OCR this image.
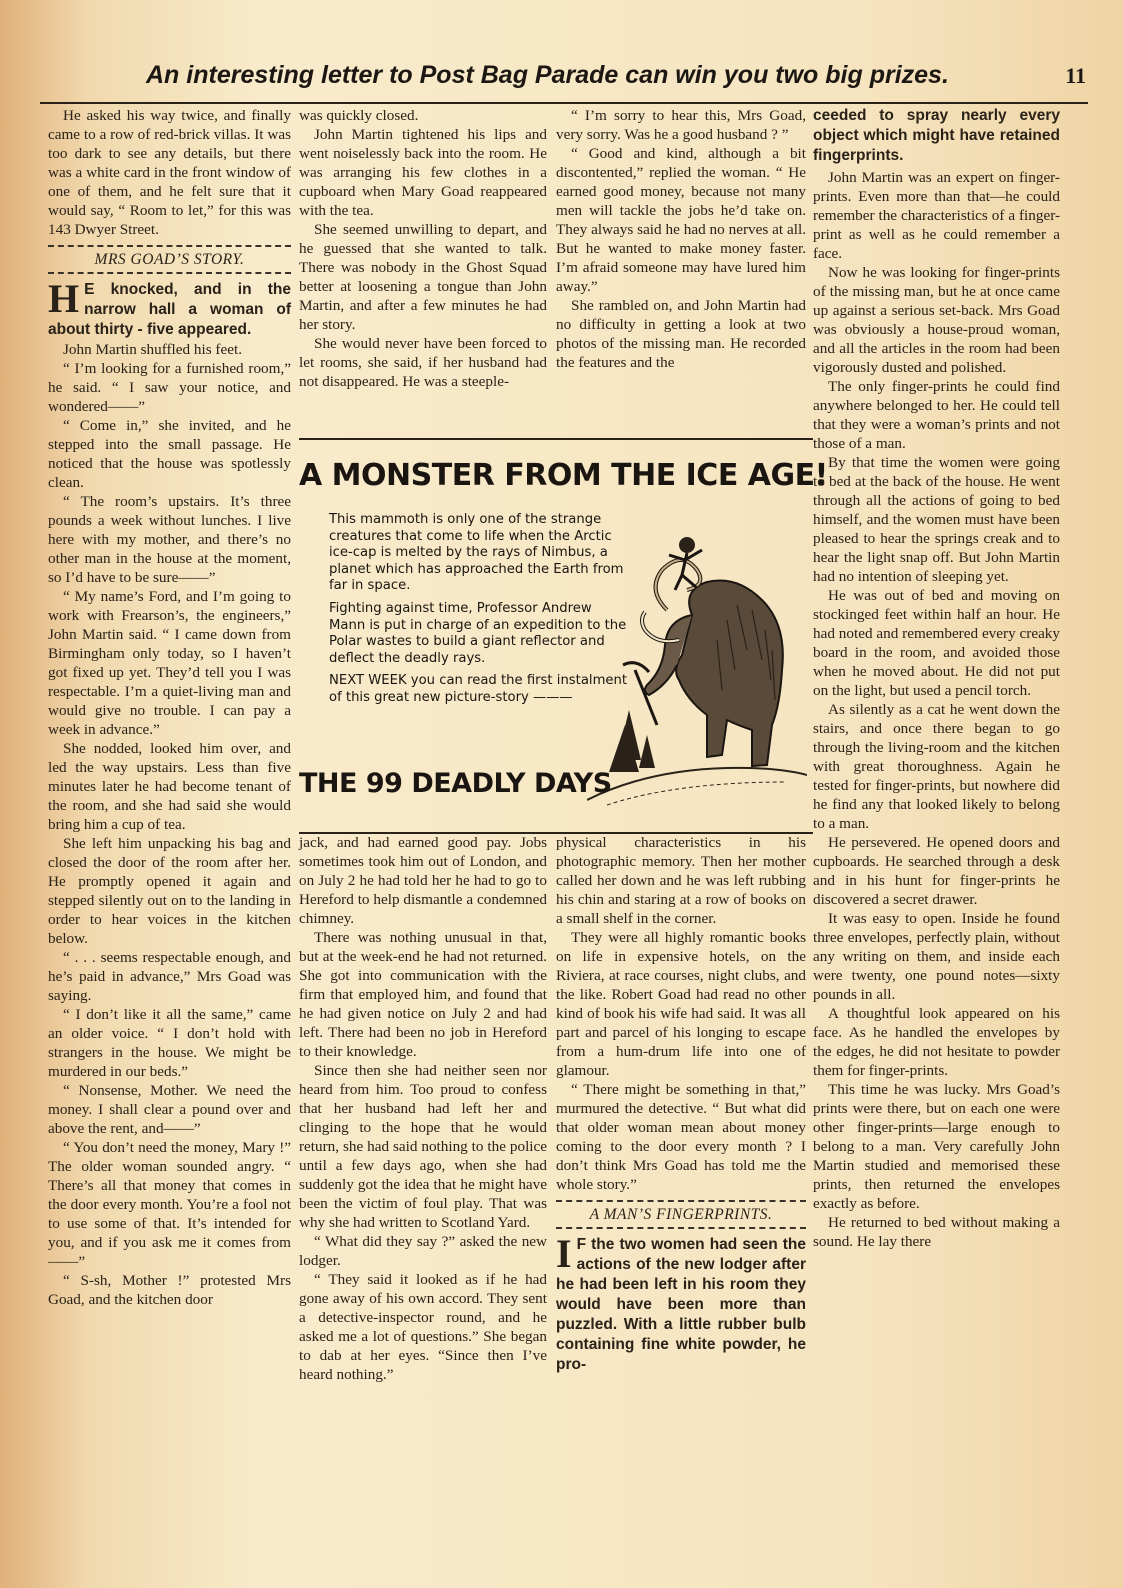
An interesting letter to Post Bag Parade can win you two big prizes.	11

He asked his way twice, and finally came to a row of red-brick villas. It was too dark to see any details, but there was a white card in the front window of one of them, and he felt sure that it would say, “ Room to let,” for this was 143 Dwyer Street.

MRS GOAD’S STORY.

H E knocked, and in the narrow hall a woman of about thirty - five appeared.

John Martin shuffled his feet.

“ I’m looking for a furnished room,” he said. “ I saw your notice, and wondered——”

“ Come in,” she invited, and he stepped into the small passage. He noticed that the house was spotlessly clean.

“ The room’s upstairs. It’s three pounds a week without lunches. I live here with my mother, and there’s no other man in the house at the moment, so I’d have to be sure——”

“ My name’s Ford, and I’m going to work with Frearson’s, the engineers,” John Martin said. “ I came down from Birmingham only today, so I haven’t got fixed up yet. They’d tell you I was respectable. I’m a quiet-living man and would give no trouble. I can pay a week in advance.”

She nodded, looked him over, and led the way upstairs. Less than five minutes later he had become tenant of the room, and she had said she would bring him a cup of tea.

She left him unpacking his bag and closed the door of the room after her. He promptly opened it again and stepped silently out on to the landing in order to hear voices in the kitchen below.

“ . . . seems respectable enough, and he’s paid in advance,” Mrs Goad was saying.

“ I don’t like it all the same,” came an older voice. “ I don’t hold with strangers in the house. We might be murdered in our beds.”

“ Nonsense, Mother. We need the money. I shall clear a pound over and above the rent, and——”

“ You don’t need the money, Mary !” The older woman sounded angry. “ There’s all that money that comes in the door every month. You’re a fool not to use some of that. It’s intended for you, and if you ask me it comes from——”

“ S-sh, Mother !” protested Mrs Goad, and the kitchen door

was quickly closed.

John Martin tightened his lips and went noiselessly back into the room. He was arranging his few clothes in a cupboard when Mary Goad reappeared with the tea.

She seemed unwilling to depart, and he guessed that she wanted to talk. There was nobody in the Ghost Squad better at loosening a tongue than John Martin, and after a few minutes he had her story.

She would never have been forced to let rooms, she said, if her husband had not disappeared. He was a steeple-

“ I’m sorry to hear this, Mrs Goad, very sorry. Was he a good husband ? ”

“ Good and kind, although a bit discontented,” replied the woman. “ He earned good money, because not many men will tackle the jobs he’d take on. They always said he had no nerves at all. But he wanted to make money faster. I’m afraid someone may have lured him away.”

She rambled on, and John Martin had no difficulty in getting a look at two photos of the missing man. He recorded the features and the

A MONSTER FROM THE ICE AGE!

This mammoth is only one of the strange creatures that come to life when the Arctic ice-cap is melted by the rays of Nimbus, a planet which has approached the Earth from far in space.

Fighting against time, Professor Andrew Mann is put in charge of an expedition to the Polar wastes to build a giant reflector and deflect the deadly rays.

NEXT WEEK you can read the first instalment of this great new picture-story ———

THE 99 DEADLY DAYS

jack, and had earned good pay. Jobs sometimes took him out of London, and on July 2 he had told her he had to go to Hereford to help dismantle a condemned chimney.

There was nothing unusual in that, but at the week-end he had not returned. She got into communication with the firm that employed him, and found that he had given notice on July 2 and had left. There had been no job in Hereford to their knowledge.

Since then she had neither seen nor heard from him. Too proud to confess that her husband had left her and clinging to the hope that he would return, she had said nothing to the police until a few days ago, when she had suddenly got the idea that he might have been the victim of foul play. That was why she had written to Scotland Yard.

“ What did they say ?” asked the new lodger.

“ They said it looked as if he had gone away of his own accord. They sent a detective-inspector round, and he asked me a lot of questions.” She began to dab at her eyes. “Since then I’ve heard nothing.”

physical characteristics in his photographic memory. Then her mother called her down and he was left rubbing his chin and staring at a row of books on a small shelf in the corner.

They were all highly romantic books on life in expensive hotels, on the Riviera, at race courses, night clubs, and the like. Robert Goad had read no other kind of book his wife had said. It was all part and parcel of his longing to escape from a hum-drum life into one of glamour.

“ There might be something in that,” murmured the detective. “ But what did that older woman mean about money coming to the door every month ? I don’t think Mrs Goad has told me the whole story.”

A MAN’S FINGERPRINTS.

I F the two women had seen the actions of the new lodger after he had been left in his room they would have been more than puzzled. With a little rubber bulb containing fine white powder, he pro-

ceeded to spray nearly every object which might have retained fingerprints.

John Martin was an expert on finger-prints. Even more than that—he could remember the characteristics of a finger-print as well as he could remember a face.

Now he was looking for finger-prints of the missing man, but he at once came up against a serious set-back. Mrs Goad was obviously a house-proud woman, and all the articles in the room had been vigorously dusted and polished.

The only finger-prints he could find anywhere belonged to her. He could tell that they were a woman’s prints and not those of a man.

By that time the women were going to bed at the back of the house. He went through all the actions of going to bed himself, and the women must have been pleased to hear the springs creak and to hear the light snap off. But John Martin had no intention of sleeping yet.

He was out of bed and moving on stockinged feet within half an hour. He had noted and remembered every creaky board in the room, and avoided those when he moved about. He did not put on the light, but used a pencil torch.

As silently as a cat he went down the stairs, and once there began to go through the living-room and the kitchen with great thoroughness. Again he tested for finger-prints, but nowhere did he find any that looked likely to belong to a man.

He persevered. He opened doors and cupboards. He searched through a desk and in his hunt for finger-prints he discovered a secret drawer.

It was easy to open. Inside he found three envelopes, perfectly plain, without any writing on them, and inside each were twenty, one pound notes—sixty pounds in all.

A thoughtful look appeared on his face. As he handled the envelopes by the edges, he did not hesitate to powder them for finger-prints.

This time he was lucky. Mrs Goad’s prints were there, but on each one were other finger-prints—large enough to belong to a man. Very carefully John Martin studied and memorised these prints, then returned the envelopes exactly as before.

He returned to bed without making a sound. He lay there
